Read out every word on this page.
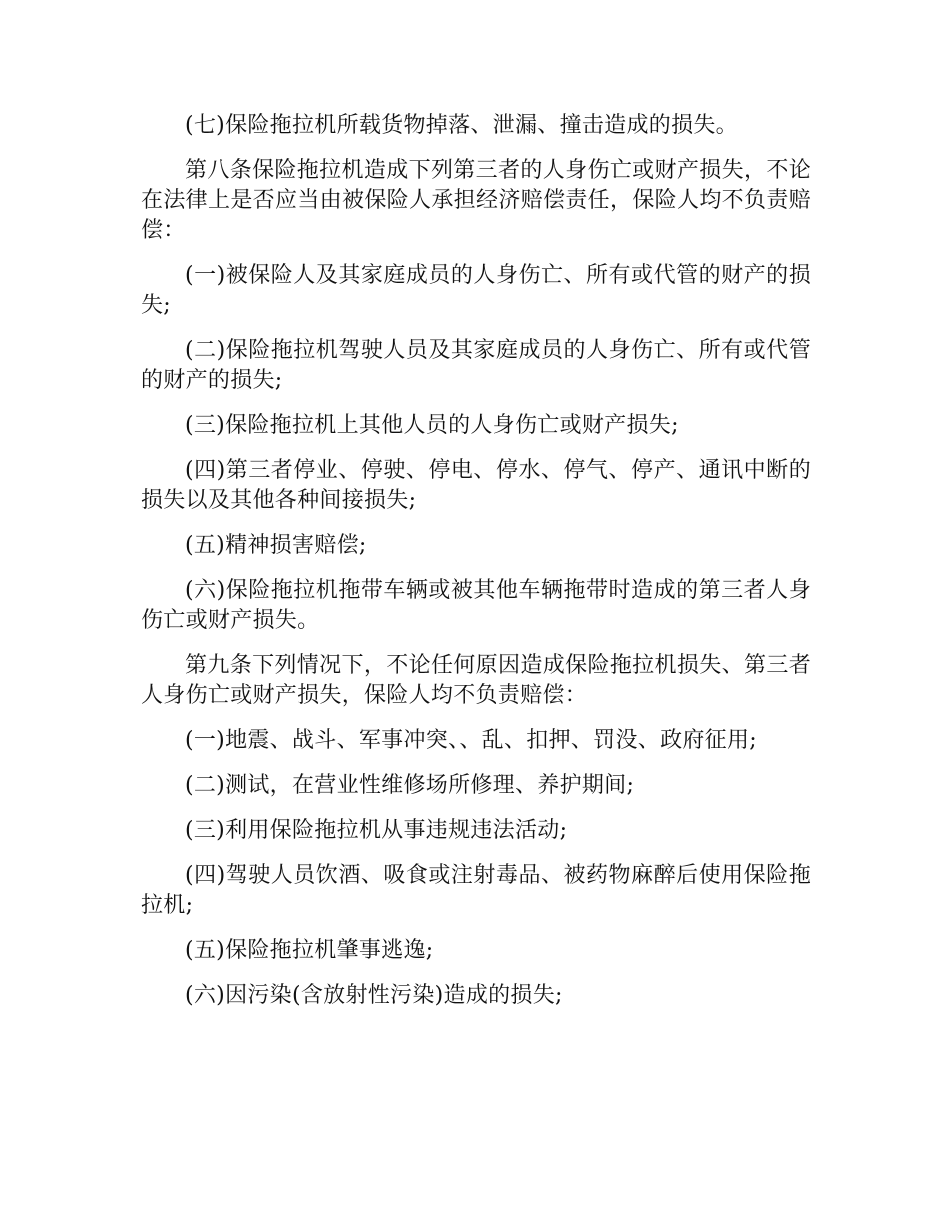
(七)保险拖拉机所载货物掉落、泄漏、撞击造成的损失。

第八条保险拖拉机造成下列第三者的人身伤亡或财产损失，不论在法律上是否应当由被保险人承担经济赔偿责任，保险人均不负责赔偿：

(一)被保险人及其家庭成员的人身伤亡、所有或代管的财产的损失;

(二)保险拖拉机驾驶人员及其家庭成员的人身伤亡、所有或代管的财产的损失;

(三)保险拖拉机上其他人员的人身伤亡或财产损失;

(四)第三者停业、停驶、停电、停水、停气、停产、通讯中断的损失以及其他各种间接损失;

(五)精神损害赔偿;

(六)保险拖拉机拖带车辆或被其他车辆拖带时造成的第三者人身伤亡或财产损失。

第九条下列情况下，不论任何原因造成保险拖拉机损失、第三者人身伤亡或财产损失，保险人均不负责赔偿：

(一)地震、战斗、军事冲突、、乱、扣押、罚没、政府征用;

(二)测试，在营业性维修场所修理、养护期间;

(三)利用保险拖拉机从事违规违法活动;

(四)驾驶人员饮酒、吸食或注射毒品、被药物麻醉后使用保险拖拉机;

(五)保险拖拉机肇事逃逸;

(六)因污染(含放射性污染)造成的损失;
